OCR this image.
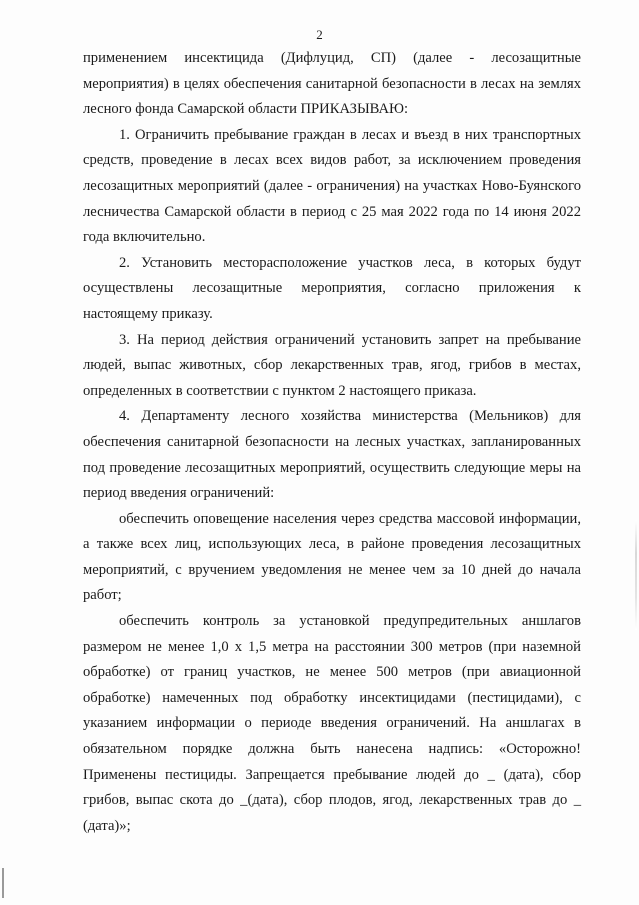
2

применением инсектицида (Дифлуцид, СП) (далее - лесозащитные мероприятия) в целях обеспечения санитарной безопасности в лесах на землях лесного фонда Самарской области ПРИКАЗЫВАЮ:

1. Ограничить пребывание граждан в лесах и въезд в них транспортных средств, проведение в лесах всех видов работ, за исключением проведения лесозащитных мероприятий (далее - ограничения) на участках Ново-Буянского лесничества Самарской области в период с 25 мая 2022 года по 14 июня 2022 года включительно.

2. Установить месторасположение участков леса, в которых будут осуществлены лесозащитные мероприятия, согласно приложения к настоящему приказу.

3. На период действия ограничений установить запрет на пребывание людей, выпас животных, сбор лекарственных трав, ягод, грибов в местах, определенных в соответствии с пунктом 2 настоящего приказа.

4. Департаменту лесного хозяйства министерства (Мельников) для обеспечения санитарной безопасности на лесных участках, запланированных под проведение лесозащитных мероприятий, осуществить следующие меры на период введения ограничений:

обеспечить оповещение населения через средства массовой информации, а также всех лиц, использующих леса, в районе проведения лесозащитных мероприятий, с вручением уведомления не менее чем за 10 дней до начала работ;

обеспечить контроль за установкой предупредительных аншлагов размером не менее 1,0 х 1,5 метра на расстоянии 300 метров (при наземной обработке) от границ участков, не менее 500 метров (при авиационной обработке) намеченных под обработку инсектицидами (пестицидами), с указанием информации о периоде введения ограничений. На аншлагах в обязательном порядке должна быть нанесена надпись: «Осторожно! Применены пестициды. Запрещается пребывание людей до _ (дата), сбор грибов, выпас скота до _(дата), сбор плодов, ягод, лекарственных трав до _ (дата)»;
